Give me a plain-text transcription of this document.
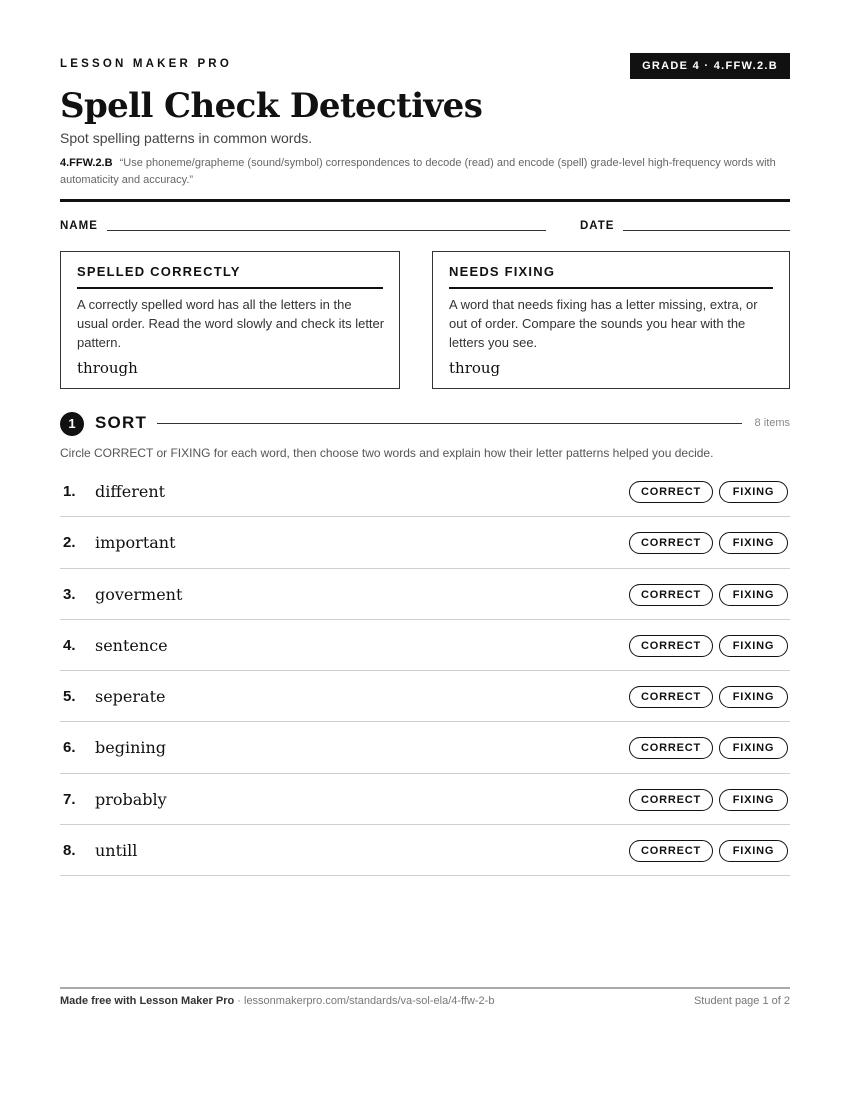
LESSON MAKER PRO	GRADE 4 · 4.FFW.2.B
Spell Check Detectives
Spot spelling patterns in common words.
4.FFW.2.B “Use phoneme/grapheme (sound/symbol) correspondences to decode (read) and encode (spell) grade-level high-frequency words with automaticity and accuracy.”
NAME	DATE
SPELLED CORRECTLY
A correctly spelled word has all the letters in the usual order. Read the word slowly and check its letter pattern.
through
NEEDS FIXING
A word that needs fixing has a letter missing, extra, or out of order. Compare the sounds you hear with the letters you see.
throug
1	SORT	8 items
Circle CORRECT or FIXING for each word, then choose two words and explain how their letter patterns helped you decide.
1. different	CORRECT	FIXING
2. important	CORRECT	FIXING
3. goverment	CORRECT	FIXING
4. sentence	CORRECT	FIXING
5. seperate	CORRECT	FIXING
6. begining	CORRECT	FIXING
7. probably	CORRECT	FIXING
8. untill	CORRECT	FIXING
Made free with Lesson Maker Pro · lessonmakerpro.com/standards/va-sol-ela/4-ffw-2-b	Student page 1 of 2
